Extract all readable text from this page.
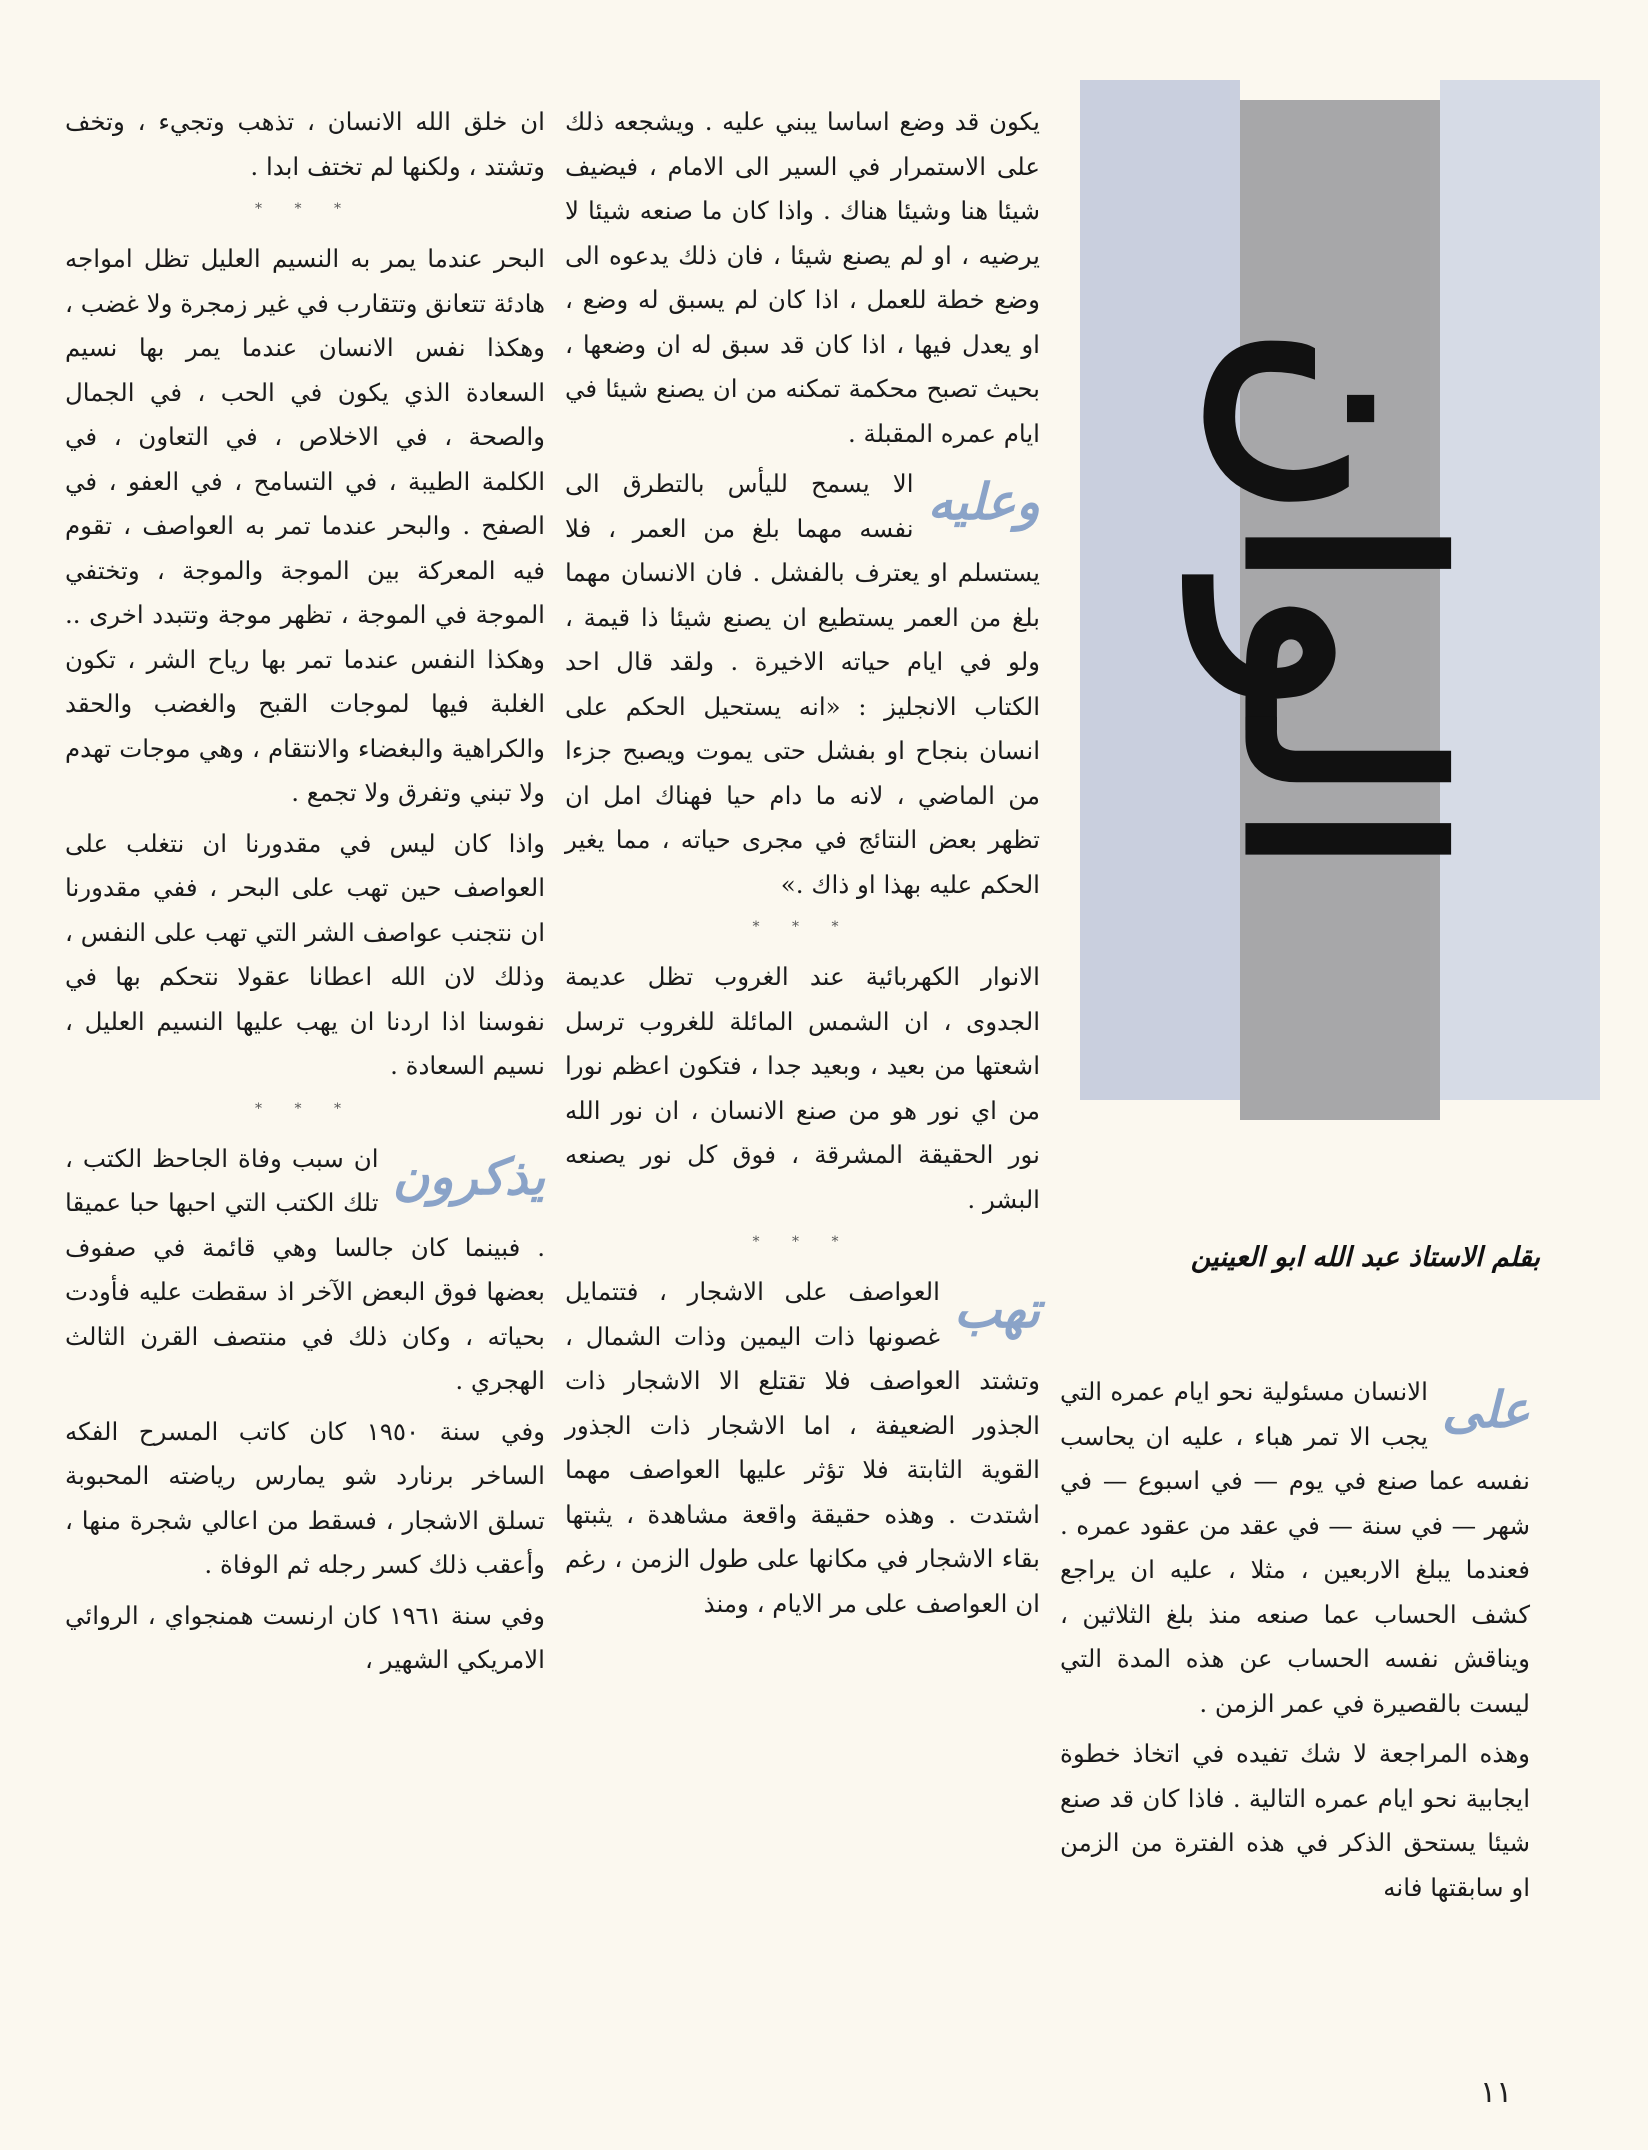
الوان
بقلم الاستاذ عبد الله ابو العينين

على
الانسان مسئولية نحو ايام عمره التي يجب الا تمر هباء ، عليه ان يحاسب نفسه عما صنع في يوم — في اسبوع — في شهر — في سنة — في عقد من عقود عمره . فعندما يبلغ الاربعين ، مثلا ، عليه ان يراجع كشف الحساب عما صنعه منذ بلغ الثلاثين ، ويناقش نفسه الحساب عن هذه المدة التي ليست بالقصيرة في عمر الزمن .

وهذه المراجعة لا شك تفيده في اتخاذ خطوة ايجابية نحو ايام عمره التالية . فاذا كان قد صنع شيئا يستحق الذكر في هذه الفترة من الزمن او سابقتها فانه

يكون قد وضع اساسا يبني عليه . ويشجعه ذلك على الاستمرار في السير الى الامام ، فيضيف شيئا هنا وشيئا هناك . واذا كان ما صنعه شيئا لا يرضيه ، او لم يصنع شيئا ، فان ذلك يدعوه الى وضع خطة للعمل ، اذا كان لم يسبق له وضع ، او يعدل فيها ، اذا كان قد سبق له ان وضعها ، بحيث تصبح محكمة تمكنه من ان يصنع شيئا في ايام عمره المقبلة .

وعليه
الا يسمح لليأس بالتطرق الى نفسه مهما بلغ من العمر ، فلا يستسلم او يعترف بالفشل . فان الانسان مهما بلغ من العمر يستطيع ان يصنع شيئا ذا قيمة ، ولو في ايام حياته الاخيرة . ولقد قال احد الكتاب الانجليز : «انه يستحيل الحكم على انسان بنجاح او بفشل حتى يموت ويصبح جزءا من الماضي ، لانه ما دام حيا فهناك امل ان تظهر بعض النتائج في مجرى حياته ، مما يغير الحكم عليه بهذا او ذاك .»

* * *

الانوار الكهربائية عند الغروب تظل عديمة الجدوى ، ان الشمس المائلة للغروب ترسل اشعتها من بعيد ، وبعيد جدا ، فتكون اعظم نورا من اي نور هو من صنع الانسان ، ان نور الله نور الحقيقة المشرقة ، فوق كل نور يصنعه البشر .

* * *

تهب
العواصف على الاشجار ، فتتمايل غصونها ذات اليمين وذات الشمال ، وتشتد العواصف فلا تقتلع الا الاشجار ذات الجذور الضعيفة ، اما الاشجار ذات الجذور القوية الثابتة فلا تؤثر عليها العواصف مهما اشتدت . وهذه حقيقة واقعة مشاهدة ، يثبتها بقاء الاشجار في مكانها على طول الزمن ، رغم ان العواصف على مر الايام ، ومنذ

ان خلق الله الانسان ، تذهب وتجيء ، وتخف وتشتد ، ولكنها لم تختف ابدا .

* * *

البحر عندما يمر به النسيم العليل تظل امواجه هادئة تتعانق وتتقارب في غير زمجرة ولا غضب ، وهكذا نفس الانسان عندما يمر بها نسيم السعادة الذي يكون في الحب ، في الجمال والصحة ، في الاخلاص ، في التعاون ، في الكلمة الطيبة ، في التسامح ، في العفو ، في الصفح . والبحر عندما تمر به العواصف ، تقوم فيه المعركة بين الموجة والموجة ، وتختفي الموجة في الموجة ، تظهر موجة وتتبدد اخرى .. وهكذا النفس عندما تمر بها رياح الشر ، تكون الغلبة فيها لموجات القبح والغضب والحقد والكراهية والبغضاء والانتقام ، وهي موجات تهدم ولا تبني وتفرق ولا تجمع .

واذا كان ليس في مقدورنا ان نتغلب على العواصف حين تهب على البحر ، ففي مقدورنا ان نتجنب عواصف الشر التي تهب على النفس ، وذلك لان الله اعطانا عقولا نتحكم بها في نفوسنا اذا اردنا ان يهب عليها النسيم العليل ، نسيم السعادة .

* * *

يذكرون
ان سبب وفاة الجاحظ الكتب ، تلك الكتب التي احبها حبا عميقا . فبينما كان جالسا وهي قائمة في صفوف بعضها فوق البعض الآخر اذ سقطت عليه فأودت بحياته ، وكان ذلك في منتصف القرن الثالث الهجري .

وفي سنة ١٩٥٠ كان كاتب المسرح الفكه الساخر برنارد شو يمارس رياضته المحبوبة تسلق الاشجار ، فسقط من اعالي شجرة منها ، وأعقب ذلك كسر رجله ثم الوفاة .

وفي سنة ١٩٦١ كان ارنست همنجواي ، الروائي الامريكي الشهير ،

١١
